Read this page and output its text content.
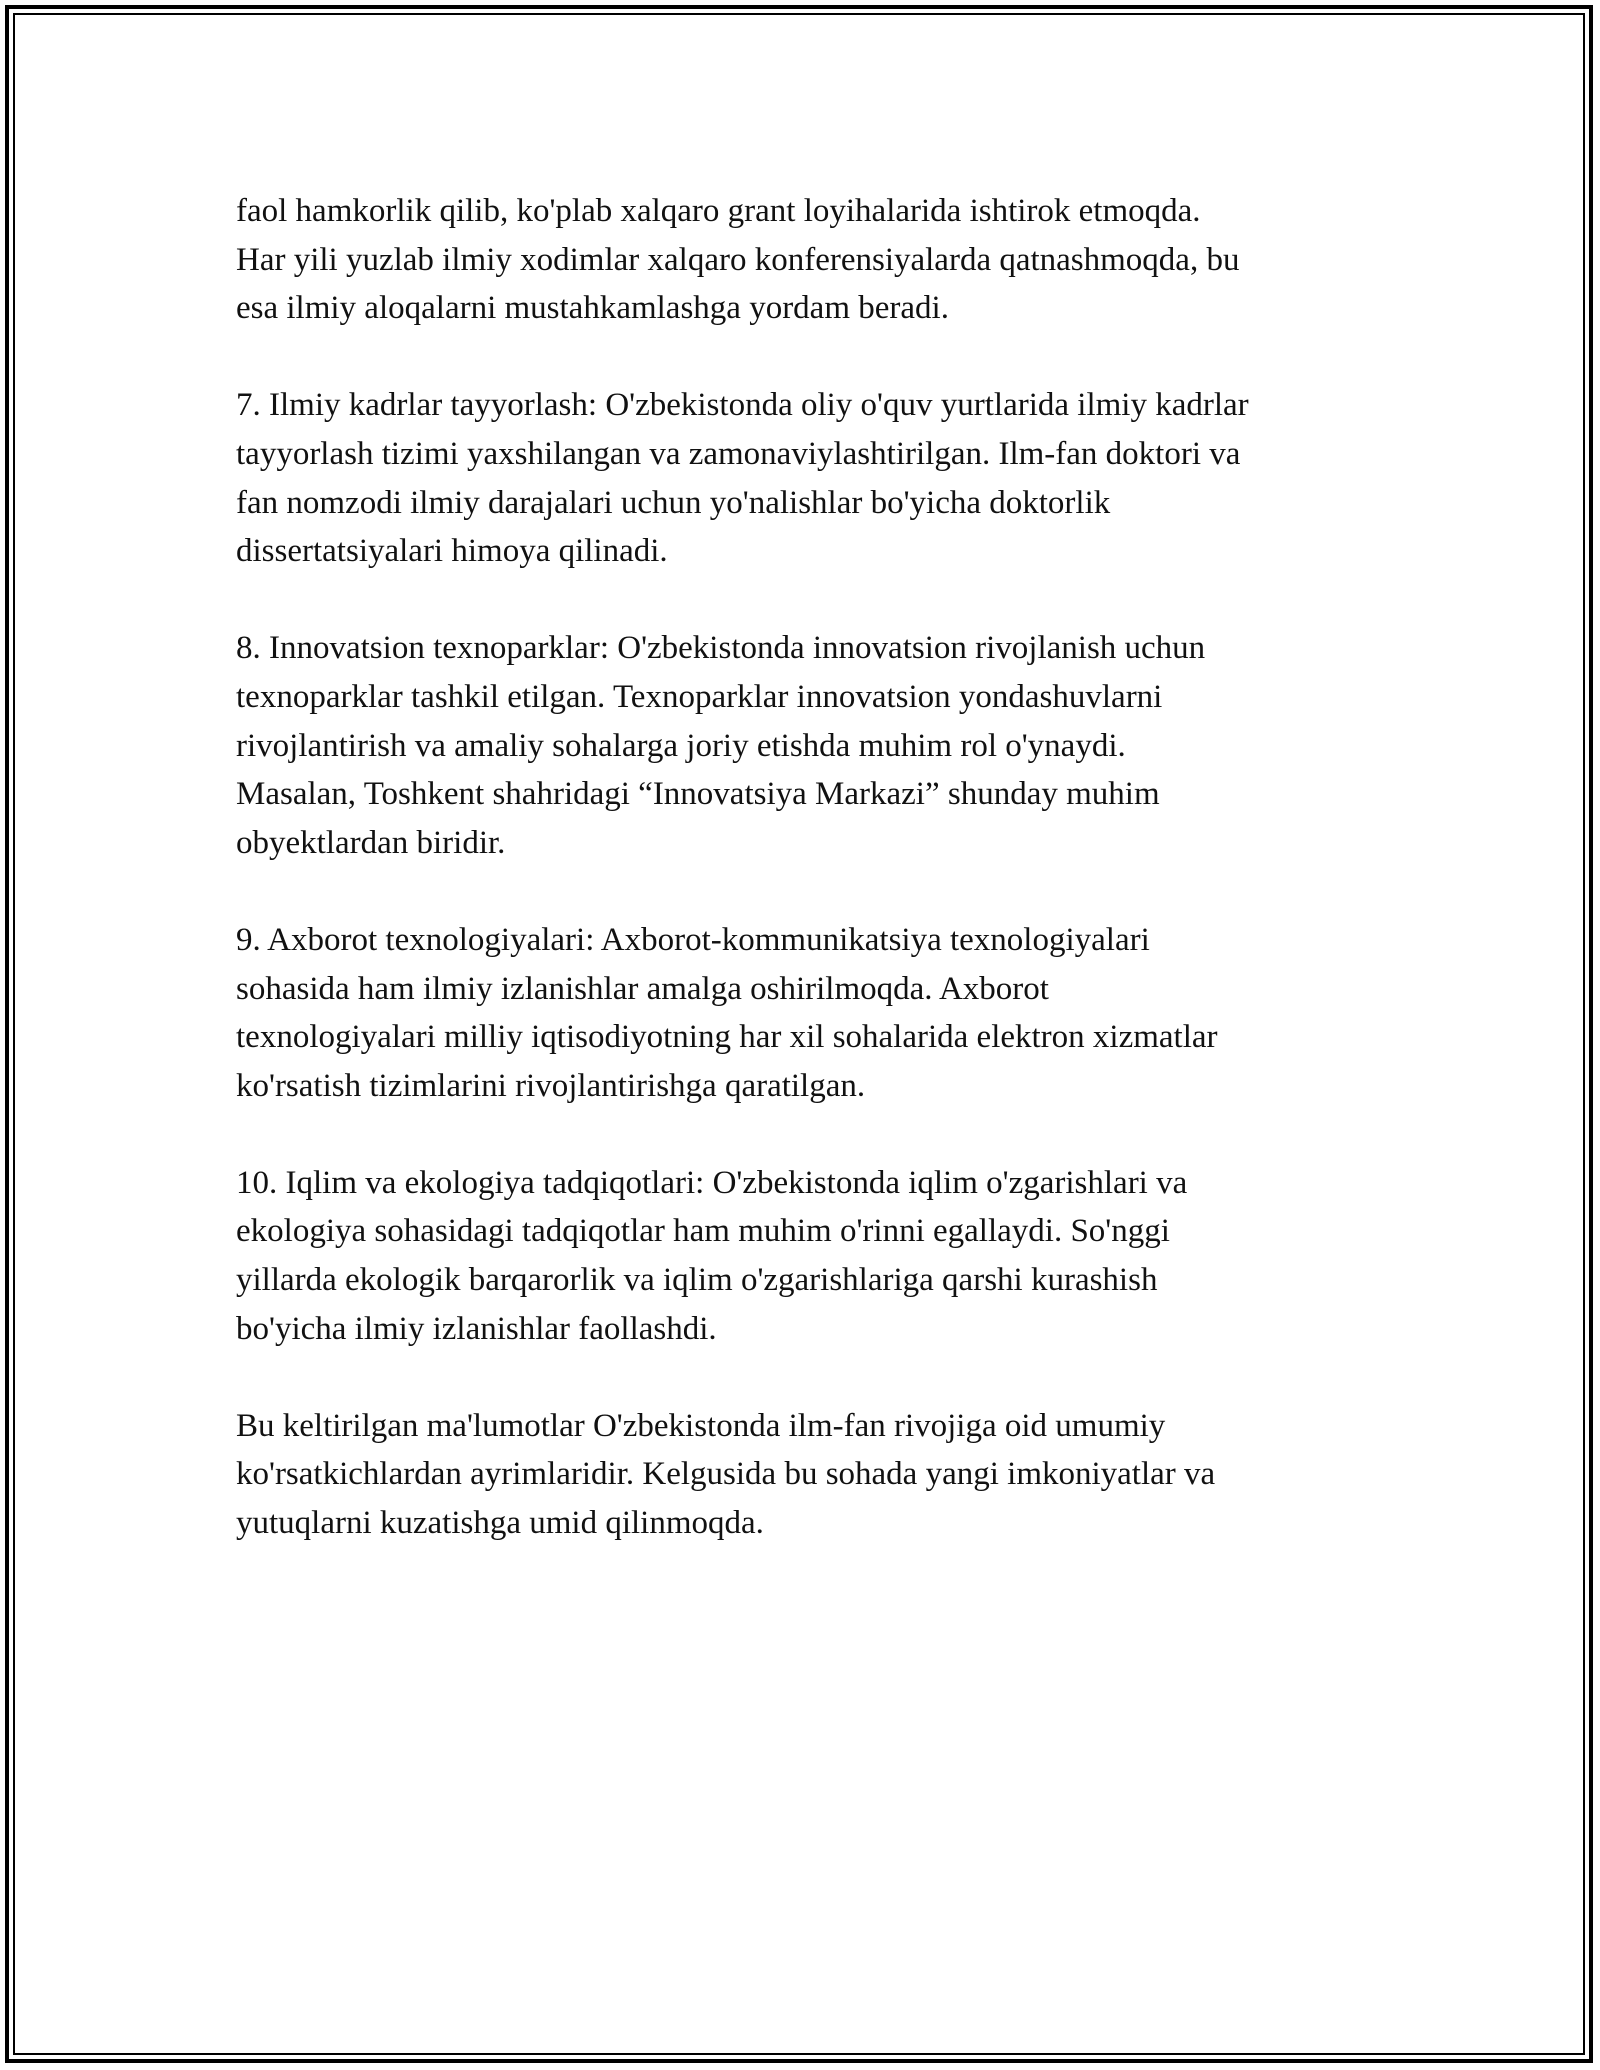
faol hamkorlik qilib, ko'plab xalqaro grant loyihalarida ishtirok etmoqda.
Har yili yuzlab ilmiy xodimlar xalqaro konferensiyalarda qatnashmoqda, bu
esa ilmiy aloqalarni mustahkamlashga yordam beradi.

7. Ilmiy kadrlar tayyorlash: O'zbekistonda oliy o'quv yurtlarida ilmiy kadrlar
tayyorlash tizimi yaxshilangan va zamonaviylashtirilgan. Ilm-fan doktori va
fan nomzodi ilmiy darajalari uchun yo'nalishlar bo'yicha doktorlik
dissertatsiyalari himoya qilinadi.

8. Innovatsion texnoparklar: O'zbekistonda innovatsion rivojlanish uchun
texnoparklar tashkil etilgan. Texnoparklar innovatsion yondashuvlarni
rivojlantirish va amaliy sohalarga joriy etishda muhim rol o'ynaydi.
Masalan, Toshkent shahridagi “Innovatsiya Markazi” shunday muhim
obyektlardan biridir.

9. Axborot texnologiyalari: Axborot-kommunikatsiya texnologiyalari
sohasida ham ilmiy izlanishlar amalga oshirilmoqda. Axborot
texnologiyalari milliy iqtisodiyotning har xil sohalarida elektron xizmatlar
ko'rsatish tizimlarini rivojlantirishga qaratilgan.

10. Iqlim va ekologiya tadqiqotlari: O'zbekistonda iqlim o'zgarishlari va
ekologiya sohasidagi tadqiqotlar ham muhim o'rinni egallaydi. So'nggi
yillarda ekologik barqarorlik va iqlim o'zgarishlariga qarshi kurashish
bo'yicha ilmiy izlanishlar faollashdi.

Bu keltirilgan ma'lumotlar O'zbekistonda ilm-fan rivojiga oid umumiy
ko'rsatkichlardan ayrimlaridir. Kelgusida bu sohada yangi imkoniyatlar va
yutuqlarni kuzatishga umid qilinmoqda.
